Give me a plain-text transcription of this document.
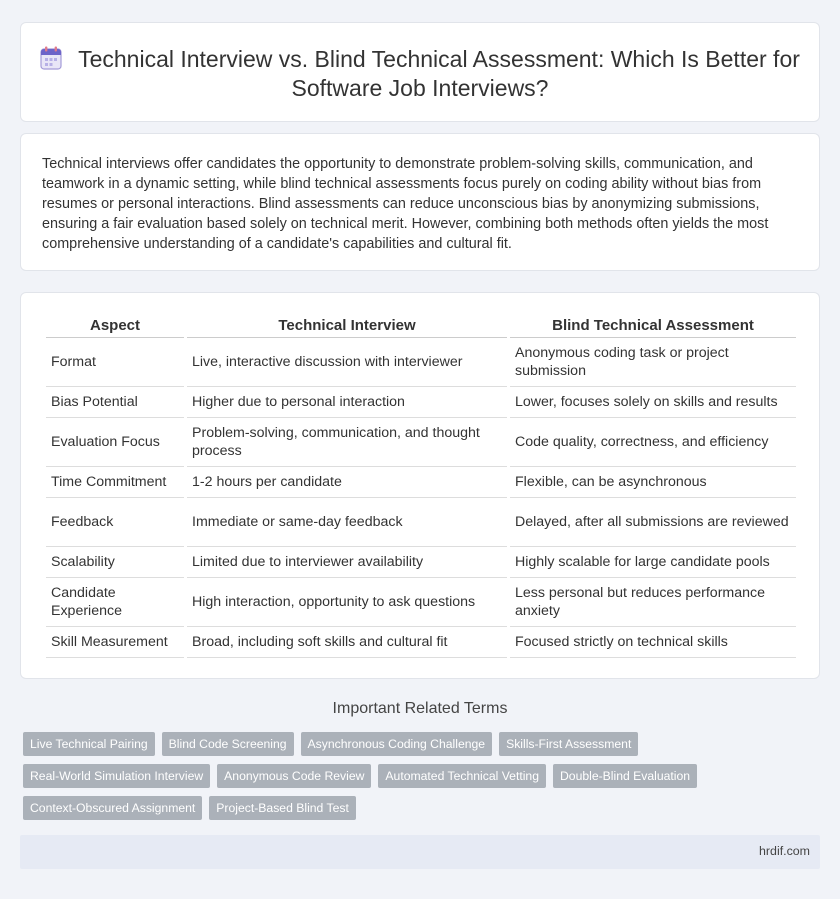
Technical Interview vs. Blind Technical Assessment: Which Is Better for Software Job Interviews?

Technical interviews offer candidates the opportunity to demonstrate problem-solving skills, communication, and teamwork in a dynamic setting, while blind technical assessments focus purely on coding ability without bias from resumes or personal interactions. Blind assessments can reduce unconscious bias by anonymizing submissions, ensuring a fair evaluation based solely on technical merit. However, combining both methods often yields the most comprehensive understanding of a candidate's capabilities and cultural fit.

Aspect	Technical Interview	Blind Technical Assessment
Format	Live, interactive discussion with interviewer	Anonymous coding task or project submission
Bias Potential	Higher due to personal interaction	Lower, focuses solely on skills and results
Evaluation Focus	Problem-solving, communication, and thought process	Code quality, correctness, and efficiency
Time Commitment	1-2 hours per candidate	Flexible, can be asynchronous
Feedback	Immediate or same-day feedback	Delayed, after all submissions are reviewed
Scalability	Limited due to interviewer availability	Highly scalable for large candidate pools
Candidate Experience	High interaction, opportunity to ask questions	Less personal but reduces performance anxiety
Skill Measurement	Broad, including soft skills and cultural fit	Focused strictly on technical skills
Important Related Terms
Live Technical Pairing	Blind Code Screening	Asynchronous Coding Challenge	Skills-First Assessment
Real-World Simulation Interview	Anonymous Code Review	Automated Technical Vetting	Double-Blind Evaluation
Context-Obscured Assignment	Project-Based Blind Test
hrdif.com
